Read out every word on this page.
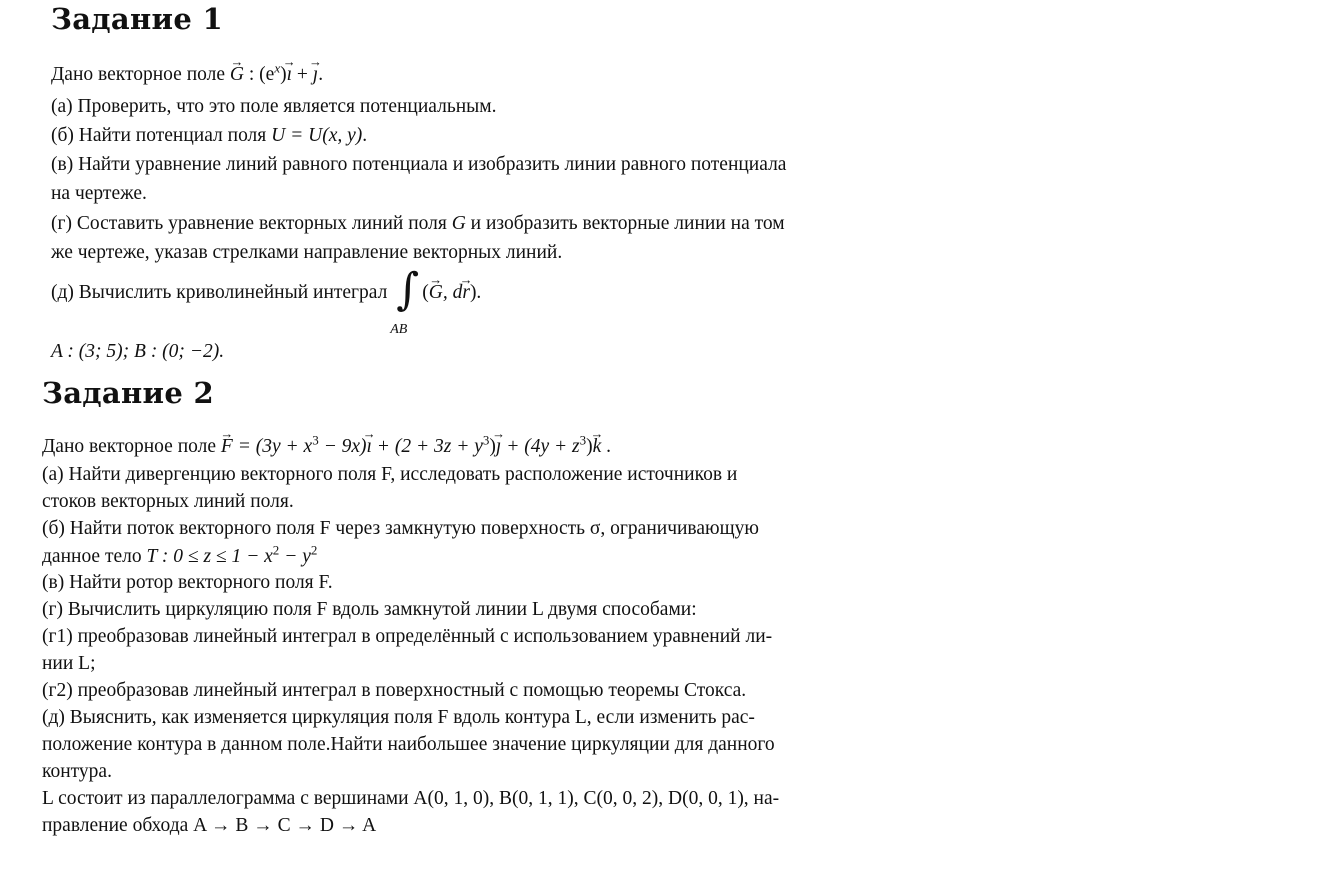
Задание 1

Дано векторное поле G → : $(e^x)ı$ → + ȷ →.

(а) Проверить, что это поле является потенциальным.

(б) Найти потенциал поля U = U(x, y).

(в) Найти уравнение линий равного потенциала и изобразить линии равного потенциала

на чертеже.

(г) Составить уравнение векторных линий поля G и изобразить векторные линии на том

же чертеже, указав стрелками направление векторных линий.

(д) Вычислить криволинейный интеграл ∫
AB
(G →, dr →).

A : (3; 5); B : (0; −2).

Задание 2

Дано векторное поле F → = ($3y + x^3$ − 9x)ı → + $(2 + 3z + y^3)ȷ$ → + $(4y + z^3)k$ → .

(а) Найти дивергенцию векторного поля F, исследовать расположение источников и

стоков векторных линий поля.

(б) Найти поток векторного поля F через замкнутую поверхность σ, ограничивающую

данное тело T : $0 \le z \le 1 - x^2 - y^2$

(в) Найти ротор векторного поля F.

(г) Вычислить циркуляцию поля F вдоль замкнутой линии L двумя способами:

(г1) преобразовав линейный интеграл в определённый с использованием уравнений ли-

нии L;

(г2) преобразовав линейный интеграл в поверхностный с помощью теоремы Стокса.

(д) Выяснить, как изменяется циркуляция поля F вдоль контура L, если изменить рас-

положение контура в данном поле.Найти наибольшее значение циркуляции для данного

контура.

L состоит из параллелограмма с вершинами A(0, 1, 0), B(0, 1, 1), C(0, 0, 2), D(0, 0, 1), на-

правление обхода A → B → C → D → A
